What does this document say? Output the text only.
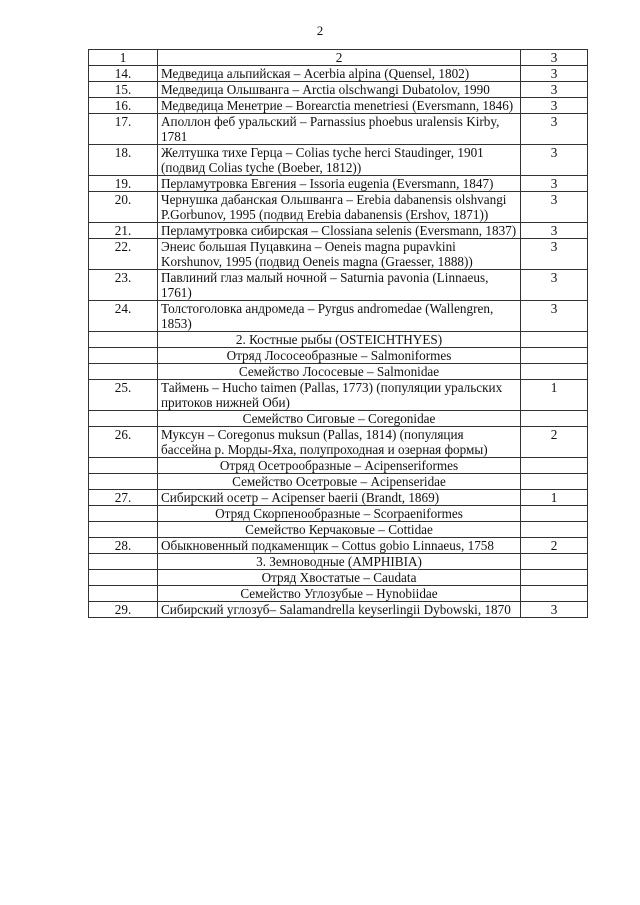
2
1	2	3
14.	Медведица альпийская – Acerbia alpina (Quensel, 1802)	3
15.	Медведица Ольшванга – Arctia olschwangi Dubatolov, 1990	3
16.	Медведица Менетрие – Borearctia menetriesi (Eversmann, 1846)	3
17.	Аполлон феб уральский – Parnassius phoebus uralensis Kirby, 1781	3
18.	Желтушка тихе Герца – Colias tyche herci Staudinger, 1901 (подвид Colias tyche (Boeber, 1812))	3
19.	Перламутровка Евгения – Issoria eugenia (Eversmann, 1847)	3
20.	Чернушка дабанская Ольшванга – Erebia dabanensis olshvangi P.Gorbunov, 1995 (подвид Erebia dabanensis (Ershov, 1871))	3
21.	Перламутровка сибирская – Clossiana selenis (Eversmann, 1837)	3
22.	Энеис большая Пуцавкина – Oeneis magna pupavkini Korshunov, 1995 (подвид Oeneis magna (Graesser, 1888))	3
23.	Павлиний глаз малый ночной – Saturnia pavonia (Linnaeus, 1761)	3
24.	Толстоголовка андромеда – Pyrgus andromedae (Wallengren, 1853)	3
	2. Костные рыбы (OSTEICHTHYES)	
	Отряд Лососеобразные – Salmoniformes	
	Семейство Лососевые – Salmonidae	
25.	Таймень – Hucho taimen (Pallas, 1773) (популяции уральских притоков нижней Оби)	1
	Семейство Сиговые – Coregonidae	
26.	Муксун – Coregonus muksun (Pallas, 1814) (популяция бассейна р. Морды-Яха, полупроходная и озерная формы)	2
	Отряд Осетрообразные – Acipenseriformes	
	Семейство Осетровые – Acipenseridae	
27.	Сибирский осетр – Acipenser baerii (Brandt, 1869)	1
	Отряд Скорпенообразные – Scorpaeniformes	
	Семейство Керчаковые – Cottidae	
28.	Обыкновенный подкаменщик – Cottus gobio Linnaeus, 1758	2
	3. Земноводные (AMPHIBIA)	
	Отряд Хвостатые – Caudata	
	Семейство Углозубые – Hynobiidae	
29.	Сибирский углозуб– Salamandrella keyserlingii Dybowski, 1870	3
